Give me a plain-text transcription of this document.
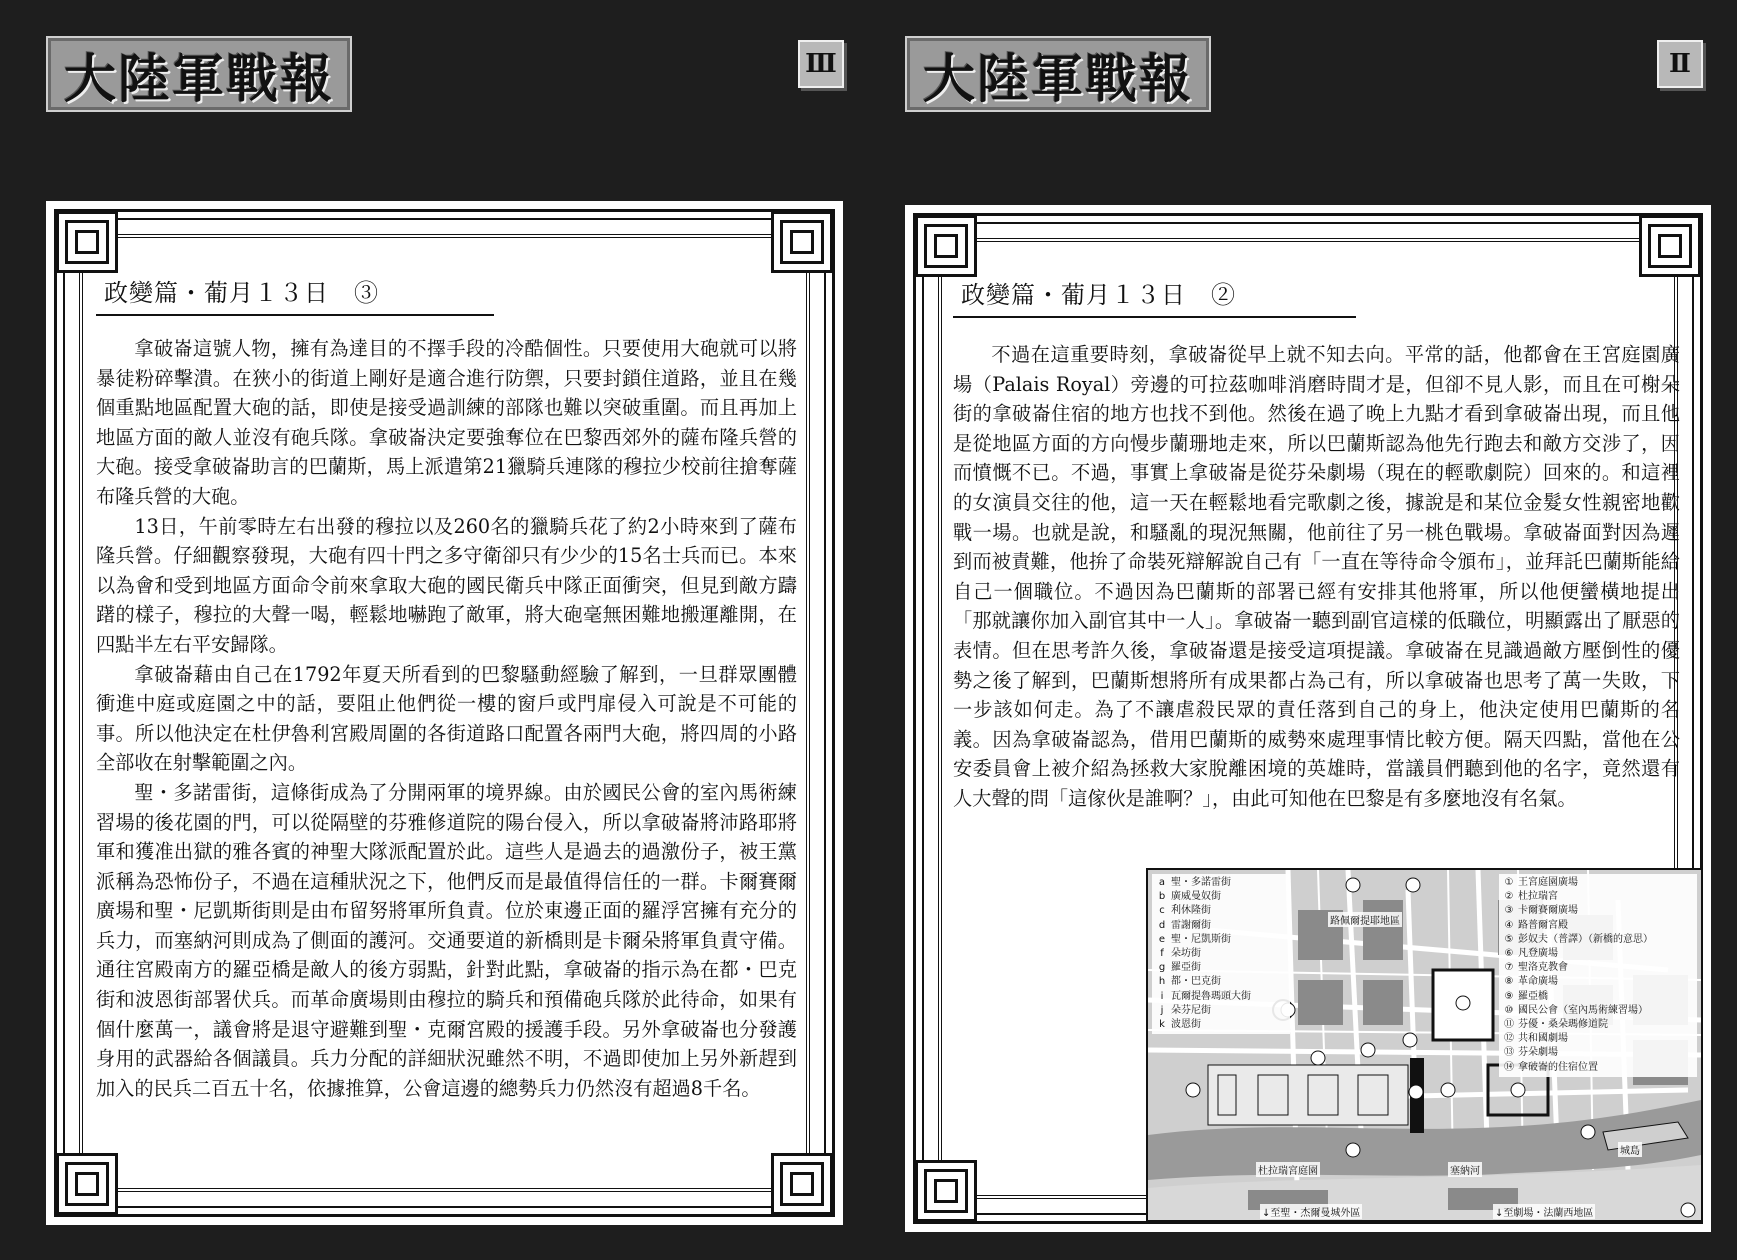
大陸軍戰報	Ⅲ
政變篇・葡月１３日　③

拿破崙這號人物，擁有為達目的不擇手段的冷酷個性。只要使用大砲就可以將暴徒粉碎擊潰。在狹小的街道上剛好是適合進行防禦，只要封鎖住道路，並且在幾個重點地區配置大砲的話，即使是接受過訓練的部隊也難以突破重圍。而且再加上地區方面的敵人並沒有砲兵隊。拿破崙決定要強奪位在巴黎西郊外的薩布隆兵營的大砲。接受拿破崙助言的巴蘭斯，馬上派遣第21獵騎兵連隊的穆拉少校前往搶奪薩布隆兵營的大砲。

13日，午前零時左右出發的穆拉以及260名的獵騎兵花了約2小時來到了薩布隆兵營。仔細觀察發現，大砲有四十門之多守衛卻只有少少的15名士兵而已。本來以為會和受到地區方面命令前來拿取大砲的國民衛兵中隊正面衝突，但見到敵方躊躇的樣子，穆拉的大聲一喝，輕鬆地嚇跑了敵軍，將大砲毫無困難地搬運離開，在四點半左右平安歸隊。

拿破崙藉由自己在1792年夏天所看到的巴黎騷動經驗了解到，一旦群眾團體衝進中庭或庭園之中的話，要阻止他們從一樓的窗戶或門扉侵入可說是不可能的事。所以他決定在杜伊魯利宮殿周圍的各街道路口配置各兩門大砲，將四周的小路全部收在射擊範圍之內。

聖・多諾雷街，這條街成為了分開兩軍的境界線。由於國民公會的室內馬術練習場的後花園的門，可以從隔壁的芬雅修道院的陽台侵入，所以拿破崙將沛路耶將軍和獲准出獄的雅各賓的神聖大隊派配置於此。這些人是過去的過激份子，被王黨派稱為恐怖份子，不過在這種狀況之下，他們反而是最值得信任的一群。卡爾賽爾廣場和聖・尼凱斯街則是由布留努將軍所負責。位於東邊正面的羅浮宮擁有充分的兵力，而塞納河則成為了側面的護河。交通要道的新橋則是卡爾朵將軍負責守備。通往宮殿南方的羅亞橋是敵人的後方弱點，針對此點，拿破崙的指示為在都・巴克街和波恩街部署伏兵。而革命廣場則由穆拉的騎兵和預備砲兵隊於此待命，如果有個什麼萬一，議會將是退守避難到聖・克爾宮殿的援護手段。另外拿破崙也分發護身用的武器給各個議員。兵力分配的詳細狀況雖然不明，不過即使加上另外新趕到加入的民兵二百五十名，依據推算，公會這邊的總勢兵力仍然沒有超過8千名。

大陸軍戰報	Ⅱ
政變篇・葡月１３日　②

不過在這重要時刻，拿破崙從早上就不知去向。平常的話，他都會在王宮庭園廣場（Palais Royal）旁邊的可拉茲咖啡消磨時間才是，但卻不見人影，而且在可榭朵街的拿破崙住宿的地方也找不到他。然後在過了晚上九點才看到拿破崙出現，而且他是從地區方面的方向慢步蘭珊地走來，所以巴蘭斯認為他先行跑去和敵方交涉了，因而憤慨不已。不過，事實上拿破崙是從芬朵劇場（現在的輕歌劇院）回來的。和這裡的女演員交往的他，這一天在輕鬆地看完歌劇之後，據說是和某位金髮女性親密地歡戰一場。也就是說，和騷亂的現況無關，他前往了另一桃色戰場。拿破崙面對因為遲到而被責難，他拚了命裝死辯解說自己有「一直在等待命令頒布」，並拜託巴蘭斯能給自己一個職位。不過因為巴蘭斯的部署已經有安排其他將軍，所以他便蠻橫地提出「那就讓你加入副官其中一人」。拿破崙一聽到副官這樣的低職位，明顯露出了厭惡的表情。但在思考許久後，拿破崙還是接受這項提議。拿破崙在見識過敵方壓倒性的優勢之後了解到，巴蘭斯想將所有成果都占為己有，所以拿破崙也思考了萬一失敗，下一步該如何走。為了不讓虐殺民眾的責任落到自己的身上，他決定使用巴蘭斯的名義。因為拿破崙認為，借用巴蘭斯的威勢來處理事情比較方便。隔天四點，當他在公安委員會上被介紹為拯救大家脫離困境的英雄時，當議員們聽到他的名字，竟然還有人大聲的問「這傢伙是誰啊？」，由此可知他在巴黎是有多麼地沒有名氣。

a 聖・多諾雷街
b 廣威曼奴街
c 利休隆街
d 雷謝爾街
e 聖・尼凱斯街
f 朵坊街
g 羅亞街
h 都・巴克街
i 瓦爾提魯瑪頭大街
j 朵芬尼街
k 波恩街
① 王宮庭園廣場
② 杜拉瑞宮
③ 卡爾賽爾廣場
④ 路普爾宮殿
⑤ 彭奴夫（普譯）（新橋的意思）
⑥ 凡登廣場
⑦ 聖洛克教會
⑧ 革命廣場
⑨ 羅亞橋
⑩ 國民公會（室內馬術練習場）
⑪ 芬優・桑朵瑪修道院
⑫ 共和國劇場
⑬ 芬朵劇場
⑭ 拿破崙的住宿位置
路佩爾提耶地區
杜拉瑞宮庭園	塞納河
城島
↓至聖・杰爾曼城外區	↓至劇場・法蘭西地區
